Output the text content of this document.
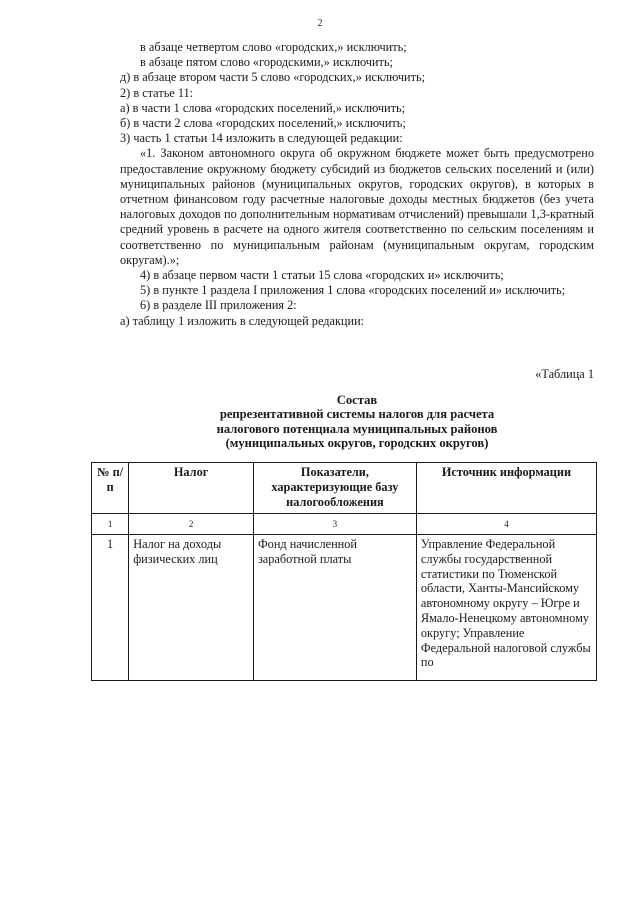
2

в абзаце четвертом слово «городских,» исключить;

в абзаце пятом слово «городскими,» исключить;

д) в абзаце втором части 5 слово «городских,» исключить;

2) в статье 11:

а) в части 1 слова «городских поселений,» исключить;

б) в части 2 слова «городских поселений,» исключить;

3) часть 1 статьи 14 изложить в следующей редакции:

«1. Законом автономного округа об окружном бюджете может быть предусмотрено предоставление окружному бюджету субсидий из бюджетов сельских поселений и (или) муниципальных районов (муниципальных округов, городских округов), в которых в отчетном финансовом году расчетные налоговые доходы местных бюджетов (без учета налоговых доходов по дополнительным нормативам отчислений) превышали 1,3-кратный средний уровень в расчете на одного жителя соответственно по сельским поселениям и соответственно по муниципальным районам (муниципальным округам, городским округам).»;

4) в абзаце первом части 1 статьи 15 слова «городских и» исключить;

5) в пункте 1 раздела I приложения 1 слова «городских поселений и» исключить;

6) в разделе III приложения 2:

а) таблицу 1 изложить в следующей редакции:

«Таблица 1
Состав
репрезентативной системы налогов для расчета
налогового потенциала муниципальных районов
(муниципальных округов, городских округов)
№ п/п	Налог	Показатели, характеризующие базу налогообложения	Источник информации
1	2	3	4
1	Налог на доходы физических лиц	Фонд начисленной заработной платы	Управление Федеральной службы государственной статистики по Тюменской области, Ханты-Мансийскому автономному округу – Югре и Ямало-Ненецкому автономному округу; Управление Федеральной налоговой службы по
